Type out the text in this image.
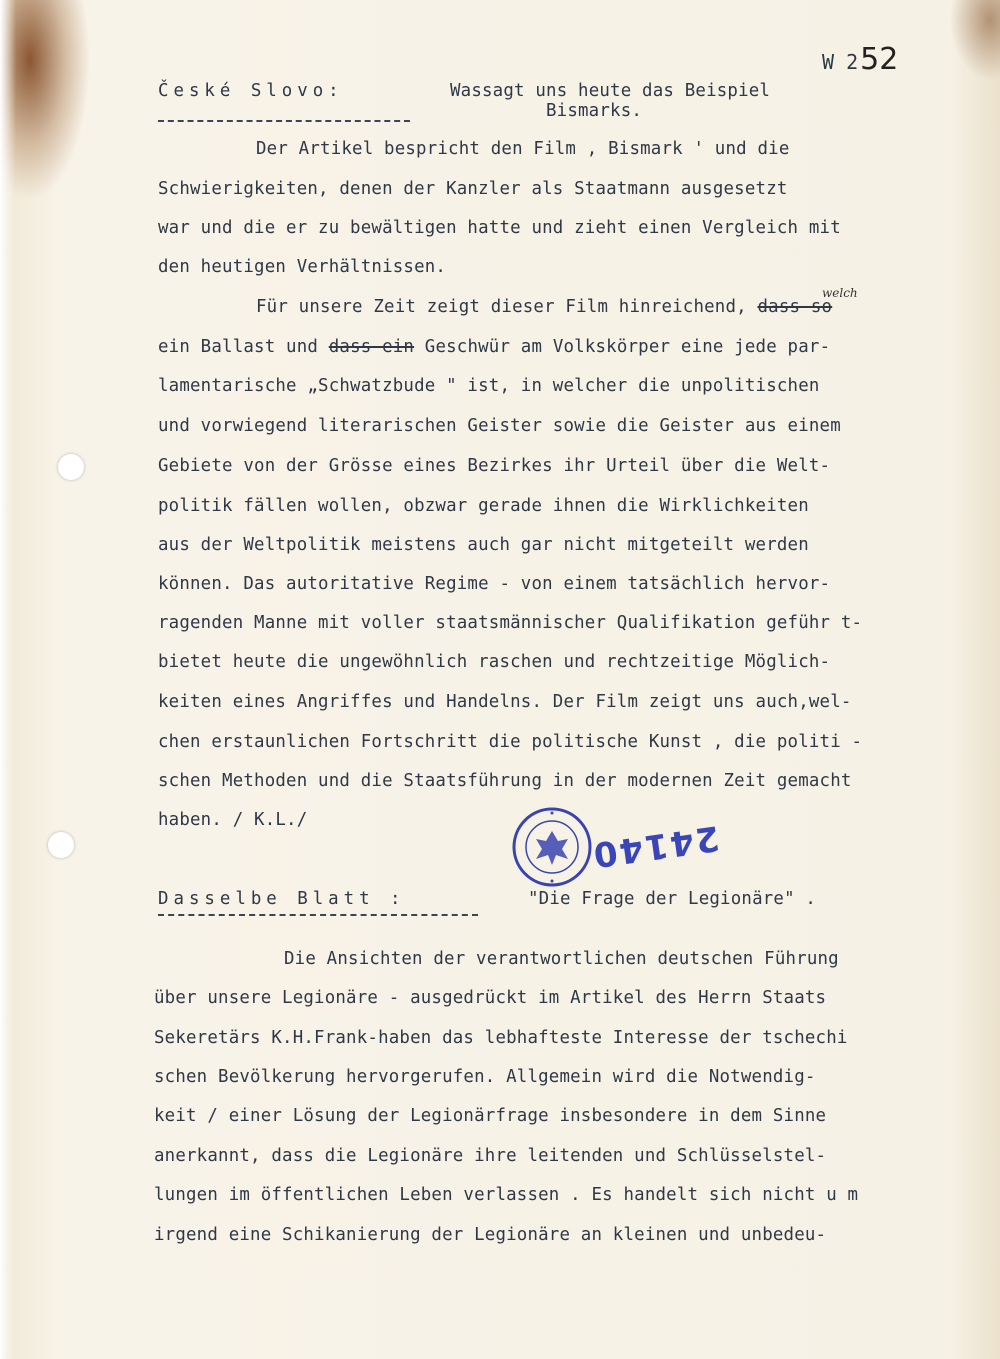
W 252
České Slovo:	Wassagt uns heute das Beispiel
Bismarks.
Der Artikel bespricht den Film , Bismark ' und die
Schwierigkeiten, denen der Kanzler als Staatmann ausgesetzt
war und die er zu bewältigen hatte und zieht einen Vergleich mit
den heutigen Verhältnissen.
welch
Für unsere Zeit zeigt dieser Film hinreichend, dass so
ein Ballast und dass ein Geschwür am Volkskörper eine jede par-
lamentarische „Schwatzbude " ist, in welcher die unpolitischen
und vorwiegend literarischen Geister sowie die Geister aus einem
Gebiete von der Grösse eines Bezirkes ihr Urteil über die Welt-
politik fällen wollen, obzwar gerade ihnen die Wirklichkeiten
aus der Weltpolitik meistens auch gar nicht mitgeteilt werden
können. Das autoritative Regime - von einem tatsächlich hervor-
ragenden Manne mit voller staatsmännischer Qualifikation geführ t-
bietet heute die ungewöhnlich raschen und rechtzeitige Möglich-
keiten eines Angriffes und Handelns. Der Film zeigt uns auch,wel-
chen erstaunlichen Fortschritt die politische Kunst , die politi -
schen Methoden und die Staatsführung in der modernen Zeit gemacht
haben. / K.L./	24140
Dasselbe Blatt :	"Die Frage der Legionäre" .
Die Ansichten der verantwortlichen deutschen Führung
über unsere Legionäre - ausgedrückt im Artikel des Herrn Staats
Sekeretärs K.H.Frank-haben das lebhafteste Interesse der tschechi
schen Bevölkerung hervorgerufen. Allgemein wird die Notwendig-
keit / einer Lösung der Legionärfrage insbesondere in dem Sinne
anerkannt, dass die Legionäre ihre leitenden und Schlüsselstel-
lungen im öffentlichen Leben verlassen . Es handelt sich nicht u m
irgend eine Schikanierung der Legionäre an kleinen und unbedeu-
